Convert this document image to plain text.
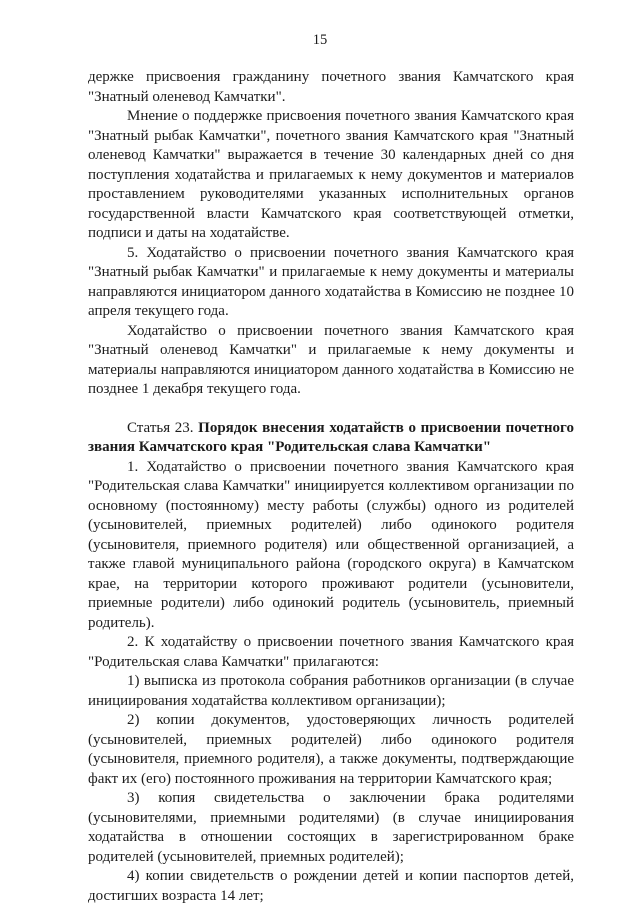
15

держке присвоения гражданину почетного звания Камчатского края "Знатный оленевод Камчатки".

Мнение о поддержке присвоения почетного звания Камчатского края "Знатный рыбак Камчатки", почетного звания Камчатского края "Знатный оленевод Камчатки" выражается в течение 30 календарных дней со дня поступления ходатайства и прилагаемых к нему документов и материалов проставлением руководителями указанных исполнительных органов государственной власти Камчатского края соответствующей отметки, подписи и даты на ходатайстве.

5. Ходатайство о присвоении почетного звания Камчатского края "Знатный рыбак Камчатки" и прилагаемые к нему документы и материалы направляются инициатором данного ходатайства в Комиссию не позднее 10 апреля текущего года.

Ходатайство о присвоении почетного звания Камчатского края "Знатный оленевод Камчатки" и прилагаемые к нему документы и материалы направляются инициатором данного ходатайства в Комиссию не позднее 1 декабря текущего года.

Статья 23. Порядок внесения ходатайств о присвоении почетного звания Камчатского края "Родительская слава Камчатки"

1. Ходатайство о присвоении почетного звания Камчатского края "Родительская слава Камчатки" инициируется коллективом организации по основному (постоянному) месту работы (службы) одного из родителей (усыновителей, приемных родителей) либо одинокого родителя (усыновителя, приемного родителя) или общественной организацией, а также главой муниципального района (городского округа) в Камчатском крае, на территории которого проживают родители (усыновители, приемные родители) либо одинокий родитель (усыновитель, приемный родитель).

2. К ходатайству о присвоении почетного звания Камчатского края "Родительская слава Камчатки" прилагаются:

1) выписка из протокола собрания работников организации (в случае инициирования ходатайства коллективом организации);

2) копии документов, удостоверяющих личность родителей (усыновителей, приемных родителей) либо одинокого родителя (усыновителя, приемного родителя), а также документы, подтверждающие факт их (его) постоянного проживания на территории Камчатского края;

3) копия свидетельства о заключении брака родителями (усыновителями, приемными родителями) (в случае инициирования ходатайства в отношении состоящих в зарегистрированном браке родителей (усыновителей, приемных родителей);

4) копии свидетельств о рождении детей и копии паспортов детей, достигших возраста 14 лет;
